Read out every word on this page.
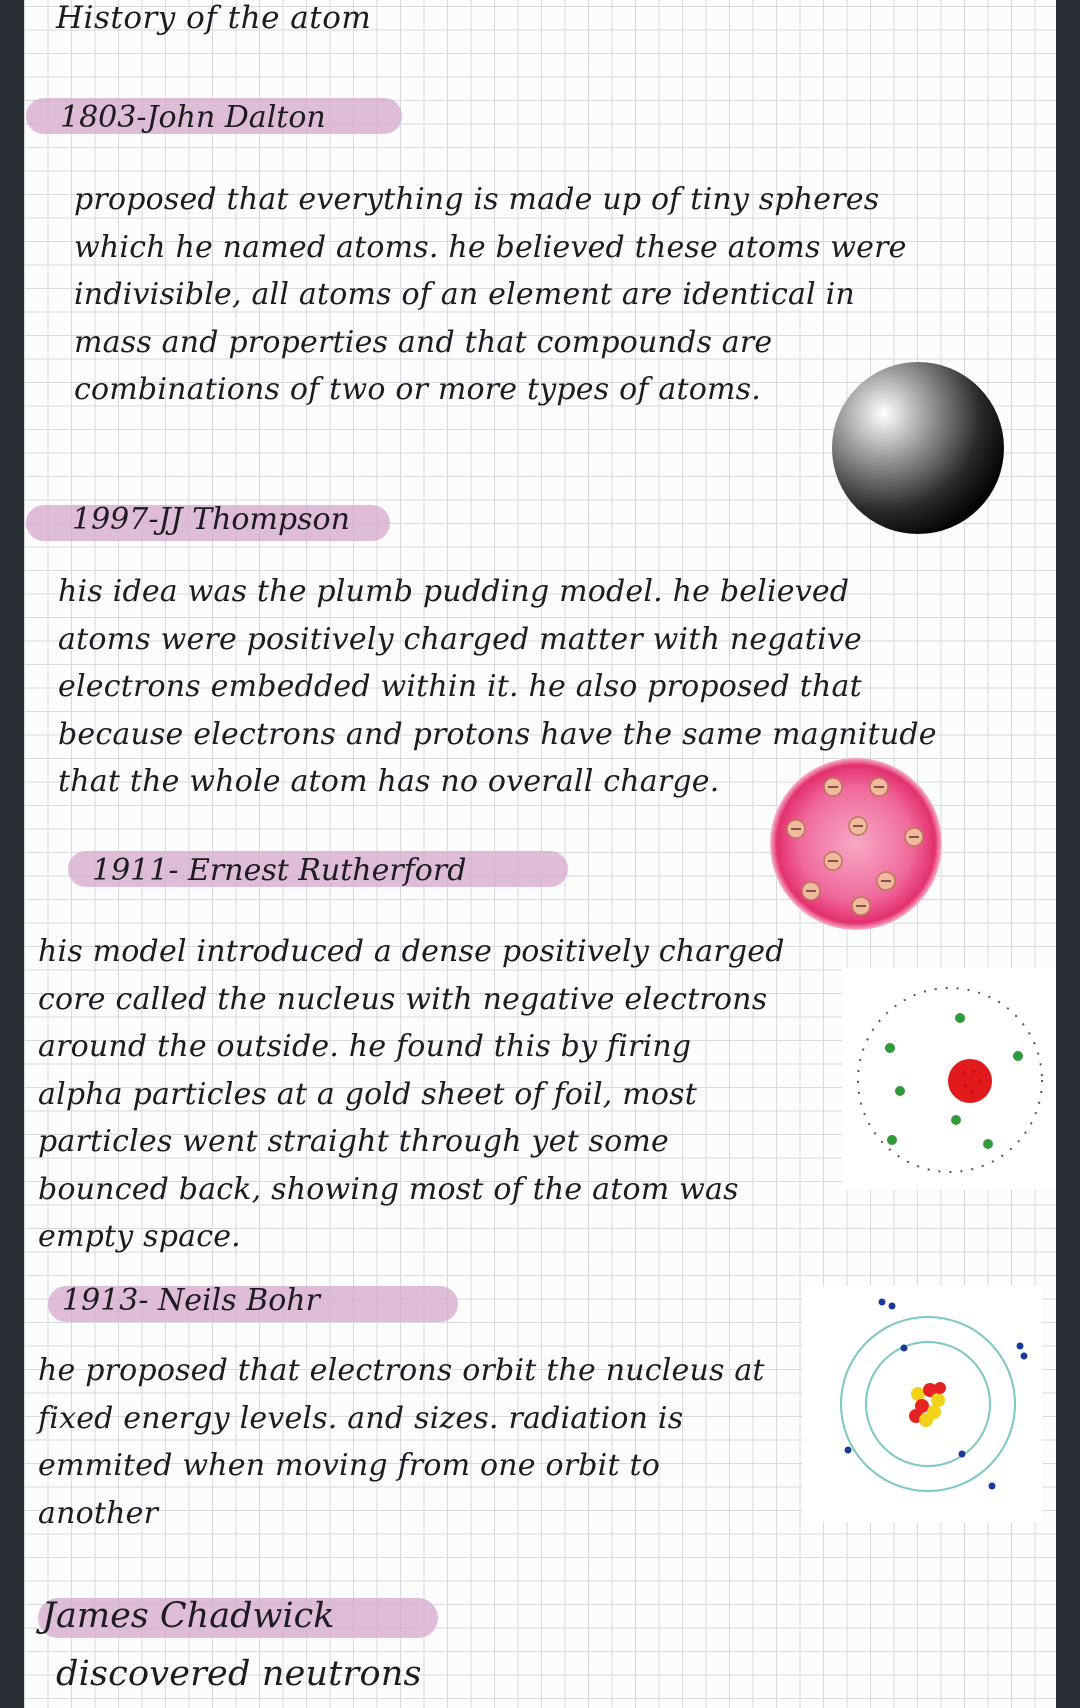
History of the atom
1803-John Dalton
proposed that everything is made up of tiny spheres
which he named atoms. he believed these atoms were
indivisible, all atoms of an element are identical in
mass and properties and that compounds are
combinations of two or more types of atoms.
1997-JJ Thompson
his idea was the plumb pudding model. he believed
atoms were positively charged matter with negative
electrons embedded within it. he also proposed that
because electrons and protons have the same magnitude
that the whole atom has no overall charge.
1911- Ernest Rutherford
his model introduced a dense positively charged
core called the nucleus with negative electrons
around the outside. he found this by firing
alpha particles at a gold sheet of foil, most
particles went straight through yet some
bounced back, showing most of the atom was
empty space.
+ +
+
+
+
1913- Neils Bohr
he proposed that electrons orbit the nucleus at
fixed energy levels. and sizes. radiation is
emmited when moving from one orbit to
another
James Chadwick
discovered neutrons
